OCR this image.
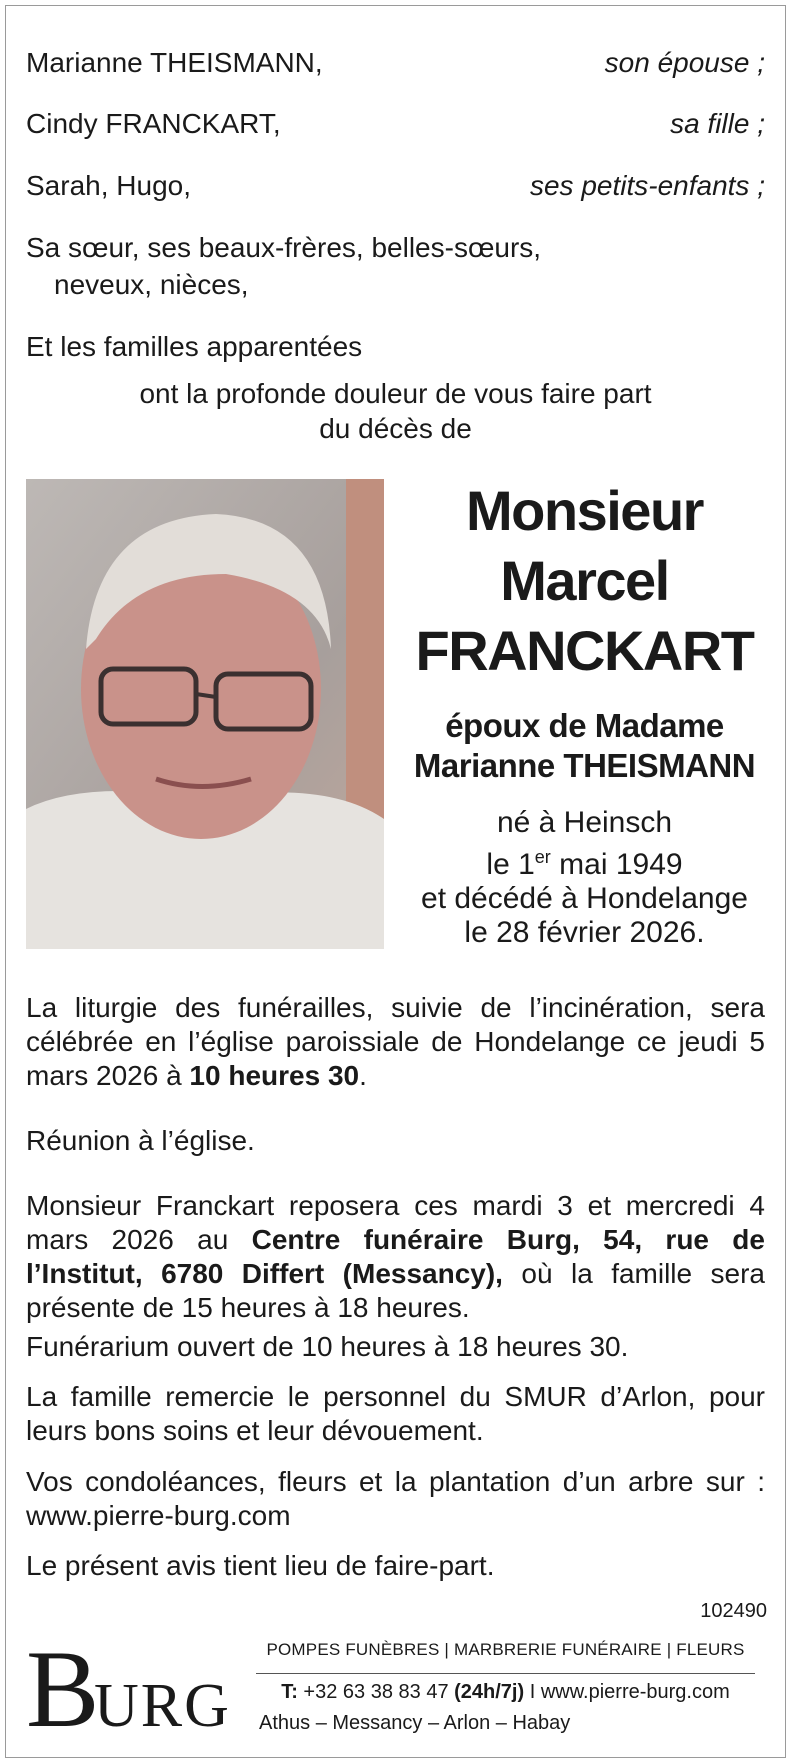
Marianne THEISMANN,	son épouse ;
Cindy FRANCKART,	sa fille ;
Sarah, Hugo,	ses petits-enfants ;
Sa sœur, ses beaux-frères, belles-sœurs,
neveux, nièces,
Et les familles apparentées
ont la profonde douleur de vous faire part
du décès de
Monsieur
Marcel
FRANCKART
époux de Madame
Marianne THEISMANN
né à Heinsch
le 1er mai 1949
et décédé à Hondelange
le 28 février 2026.
La liturgie des funérailles, suivie de l’incinération, sera célébrée en l’église paroissiale de Hondelange ce jeudi 5 mars 2026 à 10 heures 30.
Réunion à l’église.
Monsieur Franckart reposera ces mardi 3 et mercredi 4 mars 2026 au Centre funéraire Burg, 54, rue de l’Institut, 6780 Differt (Messancy), où la famille sera présente de 15 heures à 18 heures.
Funérarium ouvert de 10 heures à 18 heures 30.
La famille remercie le personnel du SMUR d’Arlon, pour leurs bons soins et leur dévouement.
Vos condoléances, fleurs et la plantation d’un arbre sur : www.pierre-burg.com
Le présent avis tient lieu de faire-part.
102490
B
URG
POMPES FUNÈBRES | MARBRERIE FUNÉRAIRE | FLEURS
T: +32 63 38 83 47 (24h/7j) I www.pierre-burg.com
Athus – Messancy – Arlon – Habay
